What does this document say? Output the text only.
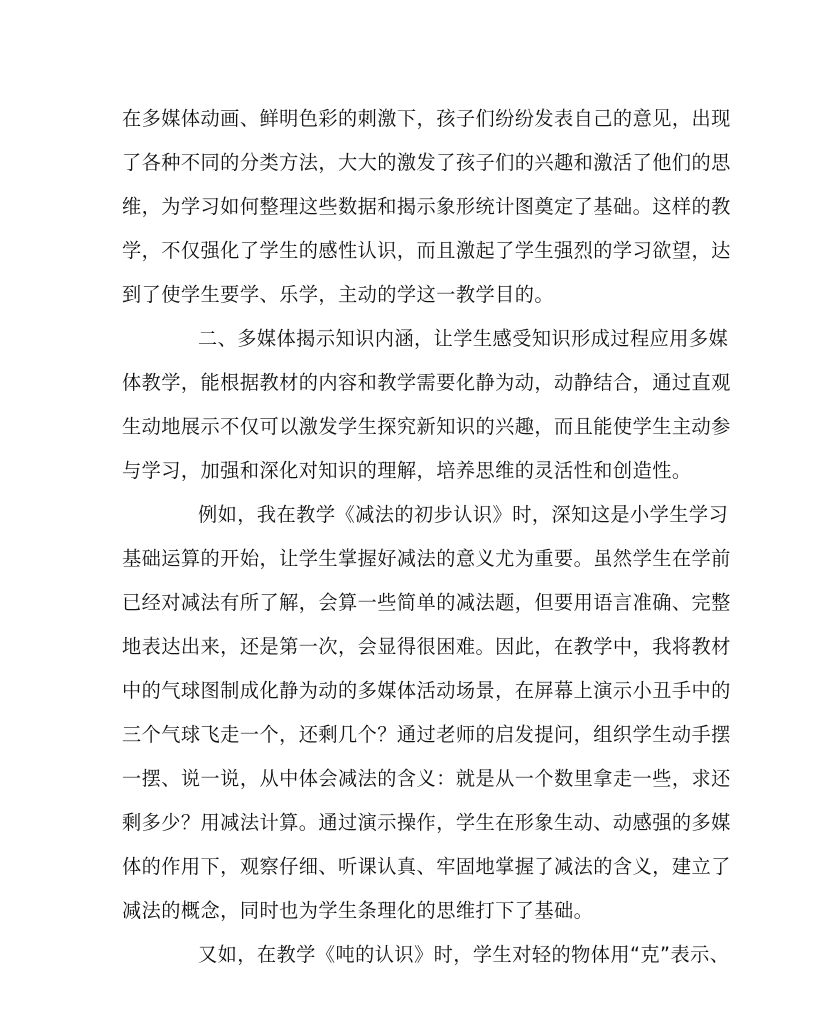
在多媒体动画、鲜明色彩的刺激下，孩子们纷纷发表自己的意见，出现
了各种不同的分类方法，大大的激发了孩子们的兴趣和激活了他们的思
维，为学习如何整理这些数据和揭示象形统计图奠定了基础。这样的教
学，不仅强化了学生的感性认识，而且激起了学生强烈的学习欲望，达
到了使学生要学、乐学，主动的学这一教学目的。
二、多媒体揭示知识内涵，让学生感受知识形成过程应用多媒
体教学，能根据教材的内容和教学需要化静为动，动静结合，通过直观
生动地展示不仅可以激发学生探究新知识的兴趣，而且能使学生主动参
与学习，加强和深化对知识的理解，培养思维的灵活性和创造性。
例如，我在教学《减法的初步认识》时，深知这是小学生学习
基础运算的开始，让学生掌握好减法的意义尤为重要。虽然学生在学前
已经对减法有所了解，会算一些简单的减法题，但要用语言准确、完整
地表达出来，还是第一次，会显得很困难。因此，在教学中，我将教材
中的气球图制成化静为动的多媒体活动场景，在屏幕上演示小丑手中的
三个气球飞走一个，还剩几个？通过老师的启发提问，组织学生动手摆
一摆、说一说，从中体会减法的含义：就是从一个数里拿走一些，求还
剩多少？用减法计算。通过演示操作，学生在形象生动、动感强的多媒
体的作用下，观察仔细、听课认真、牢固地掌握了减法的含义，建立了
减法的概念，同时也为学生条理化的思维打下了基础。
又如，在教学《吨的认识》时，学生对轻的物体用“克”表示、
